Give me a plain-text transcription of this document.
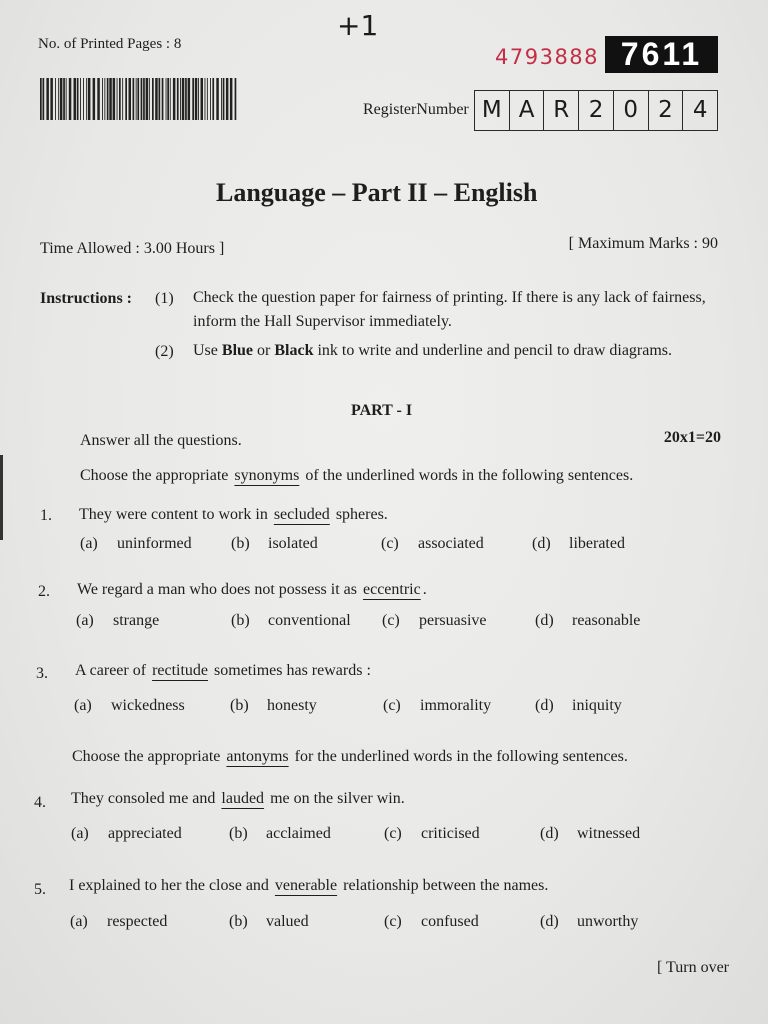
+1
No. of Printed Pages : 8
4793888 7611
RegisterNumber M A R 2 0 2 4
Language – Part II – English
Time Allowed : 3.00 Hours ]	[ Maximum Marks : 90
Instructions : (1) Check the question paper for fairness of printing. If there is any lack of fairness,
inform the Hall Supervisor immediately.
(2) Use Blue or Black ink to write and underline and pencil to draw diagrams.
PART - I
Answer all the questions.	20x1=20
Choose the appropriate synonyms of the underlined words in the following sentences.
1. They were content to work in secluded spheres.
(a) uninformed (b) isolated	(c) associated	(d) liberated
2. We regard a man who does not possess it as eccentric .
(a) strange	(b) conventional (c) persuasive	(d) reasonable
3. A career of rectitude sometimes has rewards :
(a) wickedness	(b) honesty	(c) immorality	(d) iniquity
Choose the appropriate antonyms for the underlined words in the following sentences.
4. They consoled me and lauded me on the silver win.
(a) appreciated	(b) acclaimed	(c) criticised	(d) witnessed
5. I explained to her the close and venerable relationship between the names.
(a) respected	(b) valued	(c) confused	(d) unworthy
[ Turn over
